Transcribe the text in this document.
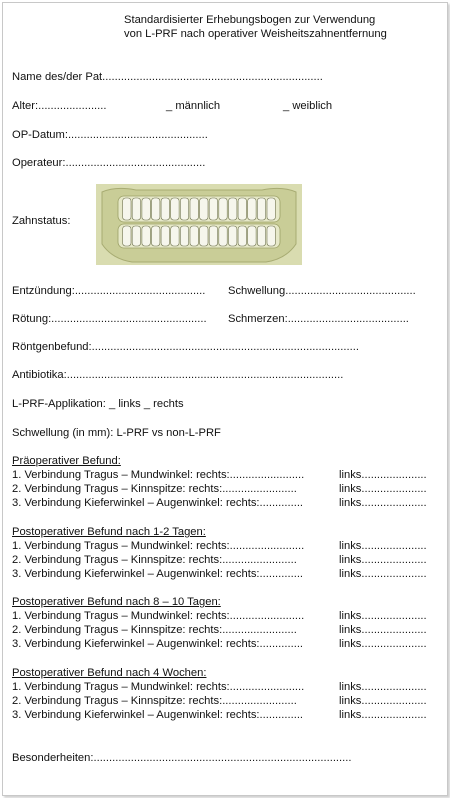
Standardisierter Erhebungsbogen zur Verwendung
von L-PRF nach operativer Weisheitszahnentfernung
Name des/der Pat.......................................................................
Alter:......................	_ männlich	_ weiblich
OP-Datum:.............................................
Operateur:.............................................
Zahnstatus:
Entzündung:.......................................... Schwellung..........................................
Rötung:.................................................. Schmerzen:.......................................
Röntgenbefund:......................................................................................
Antibiotika:.........................................................................................
L-PRF-Applikation: _ links _ rechts
Schwellung (in mm): L-PRF vs non-L-PRF
Präoperativer Befund:
1. Verbindung Tragus – Mundwinkel: rechts:........................	links.....................
2. Verbindung Tragus – Kinnspitze: rechts:........................	links.....................
3. Verbindung Kieferwinkel – Augenwinkel: rechts:..............	links.....................
Postoperativer Befund nach 1-2 Tagen:
1. Verbindung Tragus – Mundwinkel: rechts:........................	links.....................
2. Verbindung Tragus – Kinnspitze: rechts:........................	links.....................
3. Verbindung Kieferwinkel – Augenwinkel: rechts:..............	links.....................
Postoperativer Befund nach 8 – 10 Tagen:
1. Verbindung Tragus – Mundwinkel: rechts:........................	links.....................
2. Verbindung Tragus – Kinnspitze: rechts:........................	links.....................
3. Verbindung Kieferwinkel – Augenwinkel: rechts:..............	links.....................
Postoperativer Befund nach 4 Wochen:
1. Verbindung Tragus – Mundwinkel: rechts:........................	links.....................
2. Verbindung Tragus – Kinnspitze: rechts:........................	links.....................
3. Verbindung Kieferwinkel – Augenwinkel: rechts:..............	links.....................
Besonderheiten:...................................................................................
